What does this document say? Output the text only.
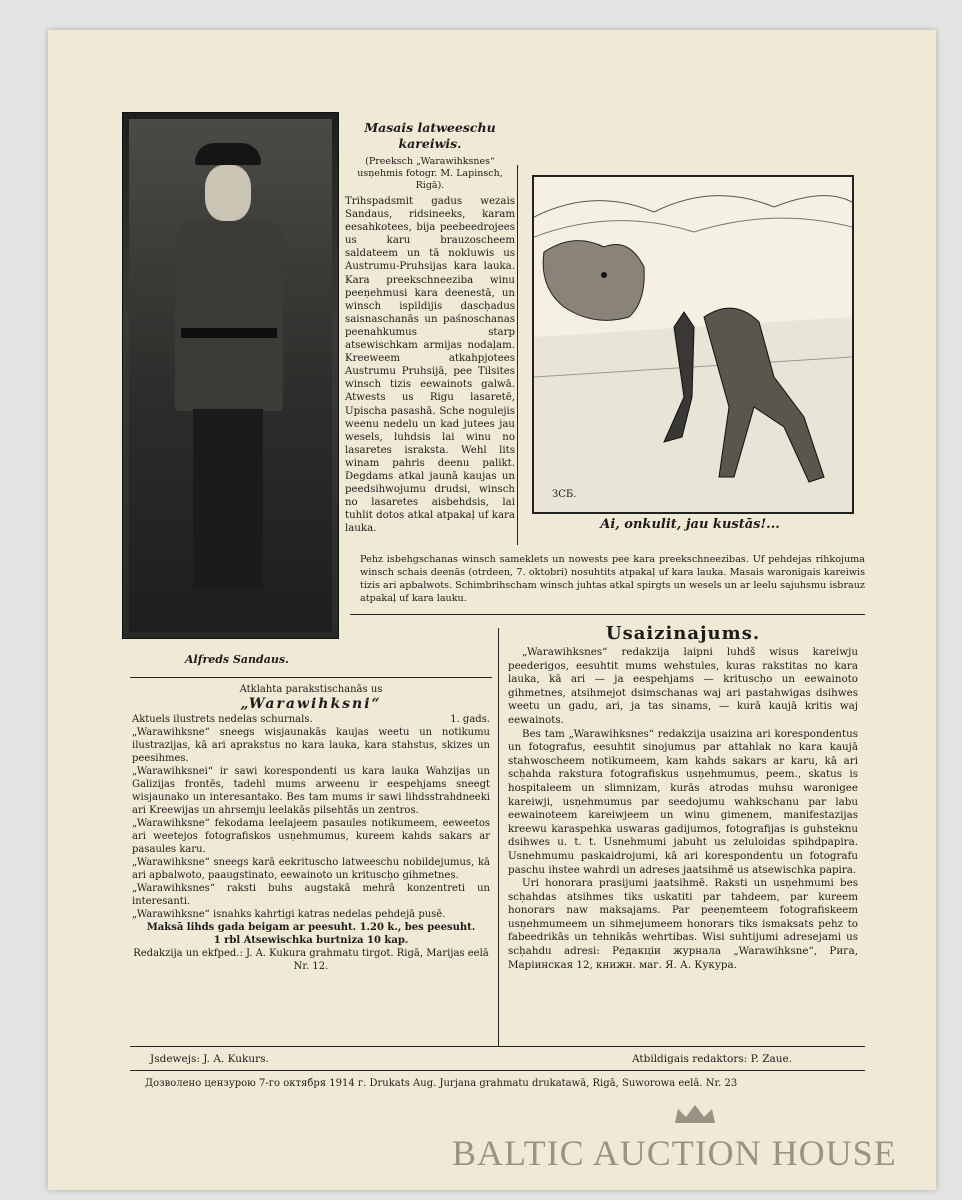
Alfreds Sandaus.
Masais latweeschu kareiwis.
(Preeksch „Warawihksnes“ usņehmis fotogr. M. Lapinsch, Rigā).
Trihspadsmit gadus wezais Sandaus, ridsineeks, karam eesahkotees, bija peebeedrojees us karu brauzoscheem saldateem un tā nokluwis us Austrumu-Pruhsijas kara lauka. Kara preekschneeziba winu peeņehmusi kara deenestā, un winsch ispildijis dasch̦adus saisnaschanās un paśnoschanas peenahkumus starp atsewischkam armijas nodaļam. Kreeweem atkahpjotees Austrumu Pruhsijā, pee Tilsites winsch tizis eewainots galwā. Atwests us Rigu lasaretē, Upischa pasashā. Sche nogulejis weenu nedelu un kad jutees jau wesels, luhdsis lai winu no lasaretes israkstа. Wehl lits winam pahris deenu palikt. Degdams atkal jaunā kaujas un peedsihwojumu drudsi, winsch no lasaretes aisbehdsis, lai tuhlit dotos atkal atpakaļ uf kara lauka.
ЗСБ.
Ai, onkulit, jau kustās!...
Pehz isbehgschanas winsch sameklets un nowests pee kara preekschneezibas. Uf pehdejas rihkojuma winsch schais deenās (otrdeen, 7. oktobri) nosuhtits atpakaļ uf kara lauka. Masais waronigais kareiwis tizis ari apbalwots. Schimbrihscham winsch juhtas atkal spirgts un wesels un ar leelu sajuhsmu isbrauz atpakaļ uf kara lauku.
Atklahta parakstischanās us
„Warawihksni“
Aktuels ilustrets nedelas schurnals.	1. gads.

„Warawihksne“ sneegs wisjaunakās kaujas weetu un notikumu ilustrazijas, kā ari aprakstus no kara lauka, kara stahstus, skizes un peesihmes.

„Warawihksnei“ ir sawi korespondenti us kara lauka Wahzijas un Galizijas frontēs, tadehl mums arweenu ir eespehjams sneegt wisjaunako un interesantako. Bes tam mums ir sawi lihdsstrahdneeki ari Kreewijas un ahrsemju leelakās pilsehtās un zentros.

„Warawihksne“ fekodama leelajeem pasaules notikumeem, eeweetos ari weetejos fotografiskos usņehmumus, kureem kahds sakars ar pasaules karu.

„Warawihksne“ sneegs karā eekrituscho latweeschu nobildejumus, kā ari apbalwoto, paaugstinato, eewainoto un kritusch̦o gihmetnes.

„Warawihksnes“ raksti buhs augstakā mehrā konzentreti un interesanti.

„Warawihksne“ isnahks kahrtigi katras nedelas pehdejā pusē.

Maksā lihds gada beigam ar peesuht. 1.20 k., bes peesuht.
1 rbl Atsewischka burtniza 10 kap.
Redakzija un ekfped.: J. A. Kukura grahmatu tirgot. Rigā, Marijas eelā Nr. 12.
Usaizinajums.

„Warawihksnes“ redakzija laipni luhdš wisus kareiwju peederigos, eesuhtit mums wehstules, kuras rakstitas no kara lauka, kā ari — ja eespehjams — kritusch̦o un eewainoto gihmetnes, atsihmejot dsimschanas waj ari pastahwigas dsihwes weetu un gadu, ari, ja tas sinams, — kurā kaujā kritis waj eewainots.

Bes tam „Warawihksnes“ redakzija usaizina ari korespondentus un fotografus, eesuhtit sinojumus par attahlak no kara kaujā stahwoscheem notikumeem, kam kahds sakars ar karu, kā ari sch̦ahda rakstura fotografiskus usņehmumus, peem., skatus is hospitaleem un slimnizam, kurās atrodas muhsu waronigee kareiwji, usņehmumus par seedojumu wahkschanu par labu eewainoteem kareiwjeem un winu gimenem, manifestazijas kreewu karaspehka uswaras gadijumos, fotografijas is guhsteknu dsihwes u. t. t. Usnehmumi jabuht us zeluloidas spihdpapira. Usnehmumu paskaidrojumi, kā ari korespondentu un fotografu paschu ihstee wahrdi un adreses jaatsihmē us atsewischka papira.

Uri honorara prasijumi jaatsihmē. Raksti un usņehmumi bes sch̦ahdas atsihmes tiks uskatiti par tahdeem, par kureem honorars naw maksajams. Par peeņemteem fotografiskeem usņehmumeem un sihmejumeem honorars tiks ismaksats pehz to fabeedrikās un tehnikās wehrtibas. Wisi suhtijumi adresejami us sch̦ahdu adresi: Редакцiи журнала „Warawihksne“, Рига, Маріинская 12, книжн. маг. Я. А. Кукура.

Jsdewejs: J. A. Kukurs.	Atbildigais redaktors: P. Zaue.
Дозволено цензурою 7-го октября 1914 г. Drukats Aug. Jurjana grahmatu drukatawā, Rigā, Suworowa eelā. Nr. 23
BALTIC AUCTION HOUSE
